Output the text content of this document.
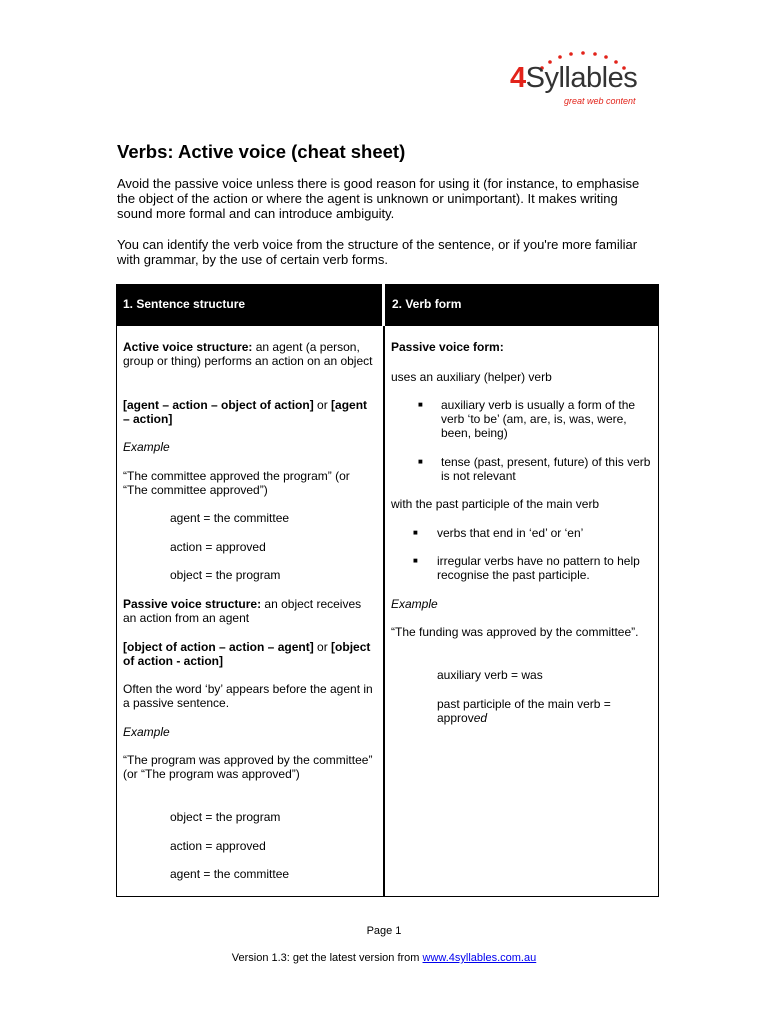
4Syllables
great web content
Verbs: Active voice (cheat sheet)

Avoid the passive voice unless there is good reason for using it (for instance, to emphasise the object of the action or where the agent is unknown or unimportant). It makes writing sound more formal and can introduce ambiguity.

You can identify the verb voice from the structure of the sentence, or if you're more familiar with grammar, by the use of certain verb forms.

1. Sentence structure	2. Verb form

Active voice structure: an agent (a person, group or thing) performs an action on an object

[agent – action – object of action] or [agent – action]

Example

“The committee approved the program” (or “The committee approved”)

agent = the committee

action = approved

object = the program

Passive voice structure: an object receives an action from an agent

[object of action – action – agent] or [object of action - action]

Often the word ‘by’ appears before the agent in a passive sentence.

Example

“The program was approved by the committee” (or “The program was approved”)

object = the program

action = approved

agent = the committee

Passive voice form:

uses an auxiliary (helper) verb

■ auxiliary verb is usually a form of the verb ‘to be’ (am, are, is, was, were, been, being)

■ tense (past, present, future) of this verb is not relevant

with the past participle of the main verb

■ verbs that end in ‘ed’ or ‘en’

■ irregular verbs have no pattern to help recognise the past participle.

Example

“The funding was approved by the committee”.

auxiliary verb = was

past participle of the main verb =
approved

Page 1
Version 1.3: get the latest version from www.4syllables.com.au
